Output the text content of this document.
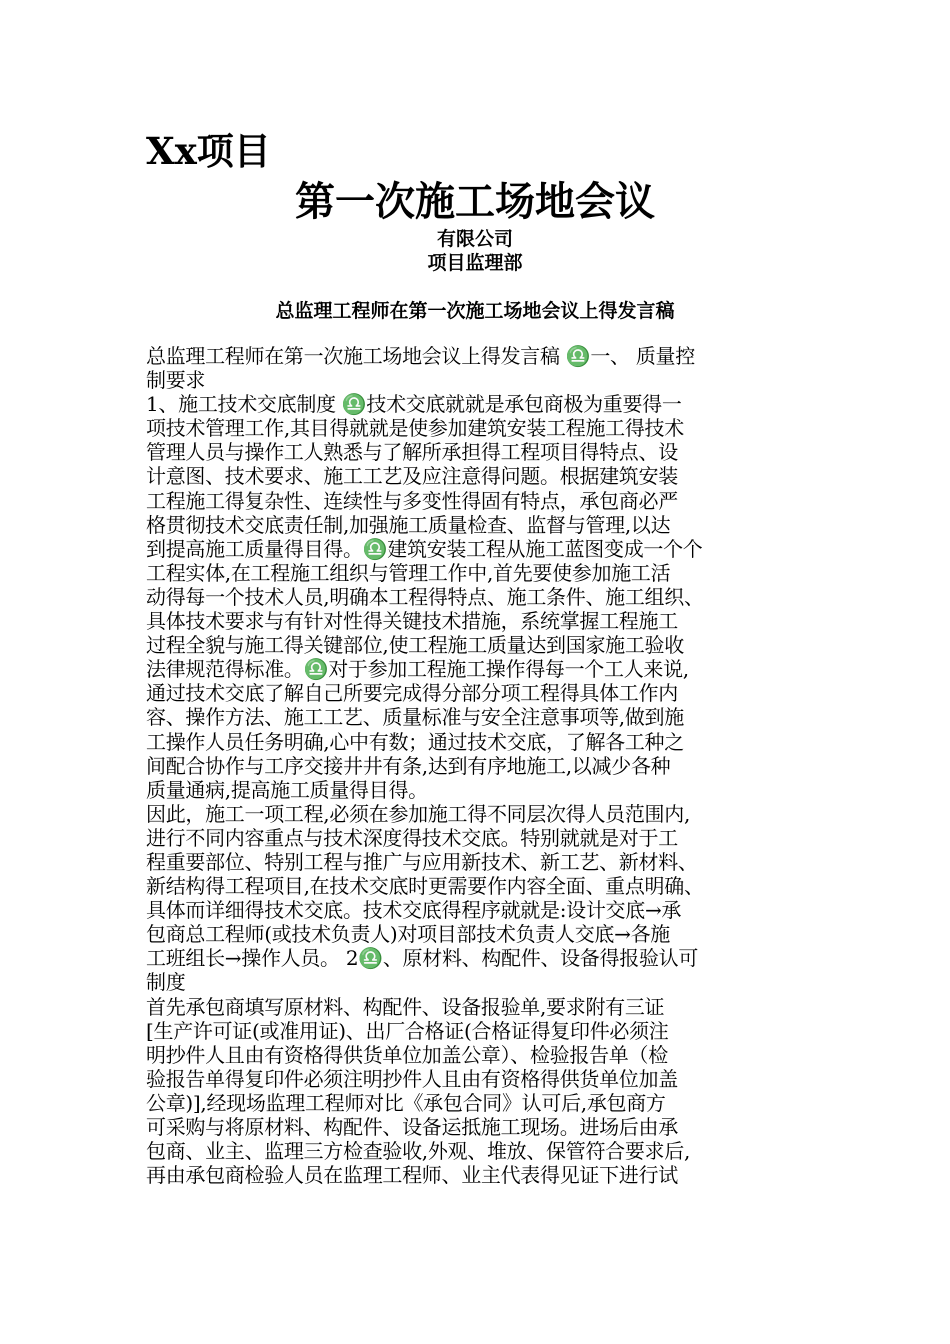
Xx项目
第一次施工场地会议
有限公司
项目监理部
总监理工程师在第一次施工场地会议上得发言稿
总监理工程师在第一次施工场地会议上得发言稿 ♎一、 质量控
制要求
1、施工技术交底制度 ♎技术交底就就是承包商极为重要得一
项技术管理工作,其目得就就是使参加建筑安装工程施工得技术
管理人员与操作工人熟悉与了解所承担得工程项目得特点、设
计意图、技术要求、施工工艺及应注意得问题。根据建筑安装
工程施工得复杂性、连续性与多变性得固有特点，承包商必严
格贯彻技术交底责任制,加强施工质量检查、监督与管理,以达
到提高施工质量得目得。♎建筑安装工程从施工蓝图变成一个个
工程实体,在工程施工组织与管理工作中,首先要使参加施工活
动得每一个技术人员,明确本工程得特点、施工条件、施工组织、
具体技术要求与有针对性得关键技术措施，系统掌握工程施工
过程全貌与施工得关键部位,使工程施工质量达到国家施工验收
法律规范得标准。♎对于参加工程施工操作得每一个工人来说,
通过技术交底了解自己所要完成得分部分项工程得具体工作内
容、操作方法、施工工艺、质量标准与安全注意事项等,做到施
工操作人员任务明确,心中有数；通过技术交底，了解各工种之
间配合协作与工序交接井井有条,达到有序地施工,以减少各种
质量通病,提高施工质量得目得。
因此，施工一项工程,必须在参加施工得不同层次得人员范围内,
进行不同内容重点与技术深度得技术交底。特别就就是对于工
程重要部位、特别工程与推广与应用新技术、新工艺、新材料、
新结构得工程项目,在技术交底时更需要作内容全面、重点明确、
具体而详细得技术交底。技术交底得程序就就是:设计交底→承
包商总工程师(或技术负责人)对项目部技术负责人交底→各施
工班组长→操作人员。 2♎、原材料、构配件、设备得报验认可
制度
首先承包商填写原材料、构配件、设备报验单,要求附有三证
[生产许可证(或准用证)、出厂合格证(合格证得复印件必须注
明抄件人且由有资格得供货单位加盖公章）、检验报告单（检
验报告单得复印件必须注明抄件人且由有资格得供货单位加盖
公章)],经现场监理工程师对比《承包合同》认可后,承包商方
可采购与将原材料、构配件、设备运抵施工现场。进场后由承
包商、业主、监理三方检查验收,外观、堆放、保管符合要求后,
再由承包商检验人员在监理工程师、业主代表得见证下进行试
